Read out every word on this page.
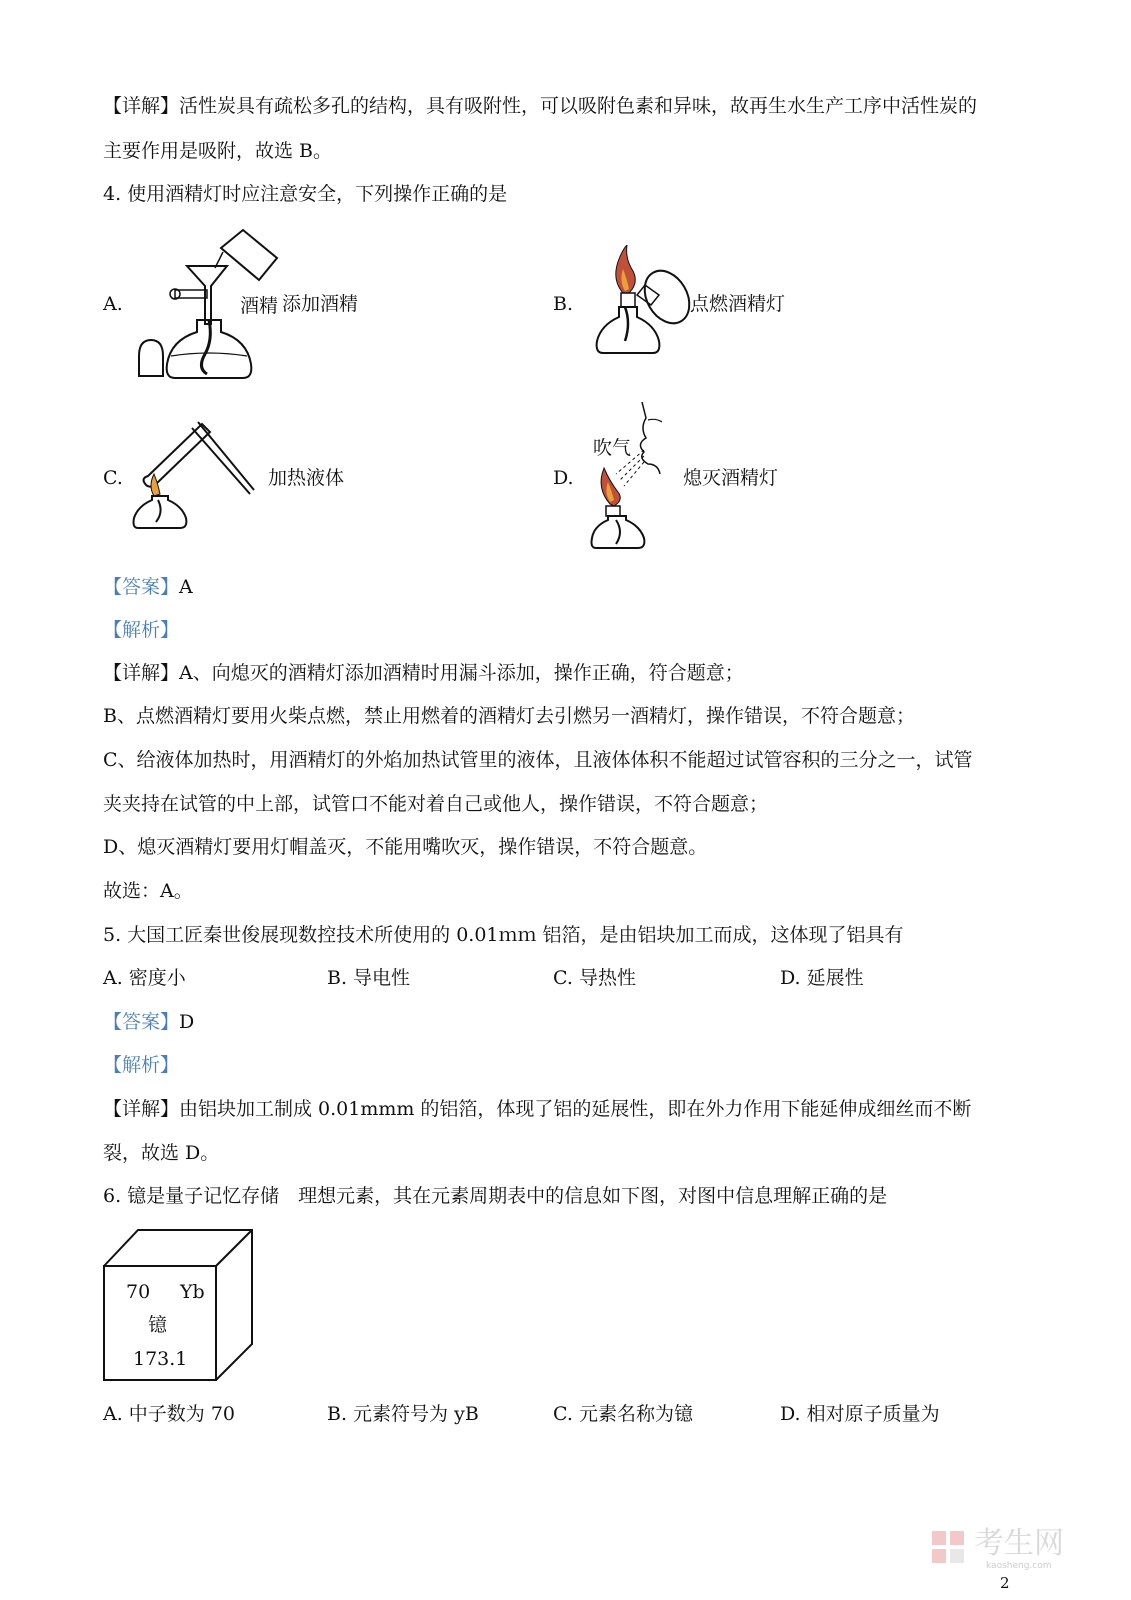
【详解】活性炭具有疏松多孔的结构，具有吸附性，可以吸附色素和异味，故再生水生产工序中活性炭的
主要作用是吸附，故选 B。
4. 使用酒精灯时应注意安全，下列操作正确的是
A.	酒精 添加酒精	B.	点燃酒精灯
C.	加热液体	D.
吹气
熄灭酒精灯
【答案】A
【解析】
【详解】A、向熄灭的酒精灯添加酒精时用漏斗添加，操作正确，符合题意；
B、点燃酒精灯要用火柴点燃，禁止用燃着的酒精灯去引燃另一酒精灯，操作错误，不符合题意；
C、给液体加热时，用酒精灯的外焰加热试管里的液体，且液体体积不能超过试管容积的三分之一，试管
夹夹持在试管的中上部，试管口不能对着自己或他人，操作错误，不符合题意；
D、熄灭酒精灯要用灯帽盖灭，不能用嘴吹灭，操作错误，不符合题意。
故选：A。
5. 大国工匠秦世俊展现数控技术所使用的 0.01ｍｍ 铝箔，是由铝块加工而成，这体现了铝具有
A. 密度小	B. 导电性	C. 导热性	D. 延展性
【答案】D
【解析】
【详解】由铝块加工制成 0.01mmm 的铝箔，体现了铝的延展性，即在外力作用下能延伸成细丝而不断
裂，故选 D。
6. 镱是量子记忆存储　理想元素，其在元素周期表中的信息如下图，对图中信息理解正确的是
70 Yb
镱
173.1
A. 中子数为 70	B. 元素符号为 yB	C. 元素名称为镱	D. 相对原子质量为
考生网
kaosheng.com
2
